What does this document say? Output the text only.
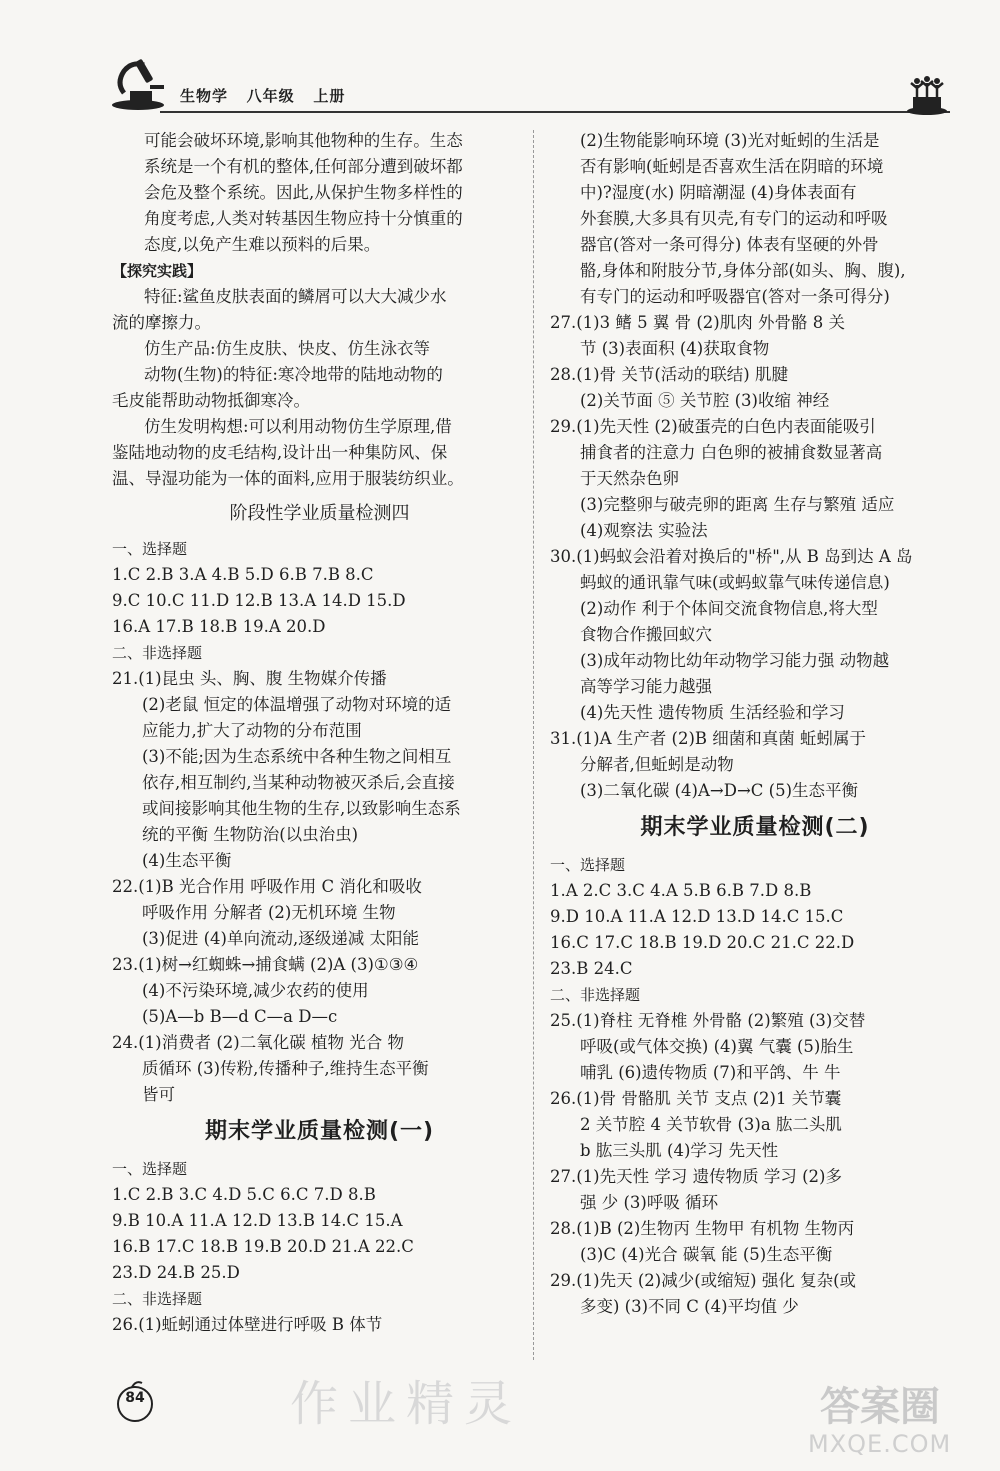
生物学   八年级   上册
可能会破坏环境,影响其他物种的生存。生态
系统是一个有机的整体,任何部分遭到破坏都
会危及整个系统。因此,从保护生物多样性的
角度考虑,人类对转基因生物应持十分慎重的
态度,以免产生难以预料的后果。
【探究实践】
特征:鲨鱼皮肤表面的鳞屑可以大大减少水
流的摩擦力。
仿生产品:仿生皮肤、快皮、仿生泳衣等
动物(生物)的特征:寒冷地带的陆地动物的
毛皮能帮助动物抵御寒冷。
仿生发明构想:可以利用动物仿生学原理,借
鉴陆地动物的皮毛结构,设计出一种集防风、保
温、导湿功能为一体的面料,应用于服装纺织业。
阶段性学业质量检测四
一、选择题
1.C 2.B 3.A 4.B 5.D 6.B 7.B 8.C
9.C 10.C 11.D 12.B 13.A 14.D 15.D
16.A 17.B 18.B 19.A 20.D
二、非选择题
21.(1)昆虫 头、胸、腹 生物媒介传播
(2)老鼠 恒定的体温增强了动物对环境的适
应能力,扩大了动物的分布范围
(3)不能;因为生态系统中各种生物之间相互
依存,相互制约,当某种动物被灭杀后,会直接
或间接影响其他生物的生存,以致影响生态系
统的平衡 生物防治(以虫治虫)
(4)生态平衡
22.(1)B 光合作用 呼吸作用 C 消化和吸收
呼吸作用 分解者 (2)无机环境 生物
(3)促进 (4)单向流动,逐级递减 太阳能
23.(1)树→红蜘蛛→捕食螨 (2)A (3)①③④
(4)不污染环境,减少农药的使用
(5)A—b B—d C—a D—c
24.(1)消费者 (2)二氧化碳 植物 光合 物
质循环 (3)传粉,传播种子,维持生态平衡
皆可
期末学业质量检测(一)
一、选择题
1.C 2.B 3.C 4.D 5.C 6.C 7.D 8.B
9.B 10.A 11.A 12.D 13.B 14.C 15.A
16.B 17.C 18.B 19.B 20.D 21.A 22.C
23.D 24.B 25.D
二、非选择题
26.(1)蚯蚓通过体壁进行呼吸 B 体节
(2)生物能影响环境 (3)光对蚯蚓的生活是
否有影响(蚯蚓是否喜欢生活在阴暗的环境
中)?湿度(水) 阴暗潮湿 (4)身体表面有
外套膜,大多具有贝壳,有专门的运动和呼吸
器官(答对一条可得分) 体表有坚硬的外骨
骼,身体和附肢分节,身体分部(如头、胸、腹),
有专门的运动和呼吸器官(答对一条可得分)
27.(1)3 鳍 5 翼 骨 (2)肌肉 外骨骼 8 关
节 (3)表面积 (4)获取食物
28.(1)骨 关节(活动的联结) 肌腱
(2)关节面 ⑤ 关节腔 (3)收缩 神经
29.(1)先天性 (2)破蛋壳的白色内表面能吸引
捕食者的注意力 白色卵的被捕食数显著高
于天然杂色卵
(3)完整卵与破壳卵的距离 生存与繁殖 适应
(4)观察法 实验法
30.(1)蚂蚁会沿着对换后的"桥",从 B 岛到达 A 岛
蚂蚁的通讯靠气味(或蚂蚁靠气味传递信息)
(2)动作 利于个体间交流食物信息,将大型
食物合作搬回蚁穴
(3)成年动物比幼年动物学习能力强 动物越
高等学习能力越强
(4)先天性 遗传物质 生活经验和学习
31.(1)A 生产者 (2)B 细菌和真菌 蚯蚓属于
分解者,但蚯蚓是动物
(3)二氧化碳 (4)A→D→C (5)生态平衡
期末学业质量检测(二)
一、选择题
1.A 2.C 3.C 4.A 5.B 6.B 7.D 8.B
9.D 10.A 11.A 12.D 13.D 14.C 15.C
16.C 17.C 18.B 19.D 20.C 21.C 22.D
23.B 24.C
二、非选择题
25.(1)脊柱 无脊椎 外骨骼 (2)繁殖 (3)交替
呼吸(或气体交换) (4)翼 气囊 (5)胎生
哺乳 (6)遗传物质 (7)和平鸽、牛 牛
26.(1)骨 骨骼肌 关节 支点 (2)1 关节囊
2 关节腔 4 关节软骨 (3)a 肱二头肌
b 肱三头肌 (4)学习 先天性
27.(1)先天性 学习 遗传物质 学习 (2)多
强 少 (3)呼吸 循环
28.(1)B (2)生物丙 生物甲 有机物 生物丙
(3)C (4)光合 碳氧 能 (5)生态平衡
29.(1)先天 (2)减少(或缩短) 强化 复杂(或
多变) (3)不同 C (4)平均值 少
84	作业精灵	答案圈
MXQE.COM
